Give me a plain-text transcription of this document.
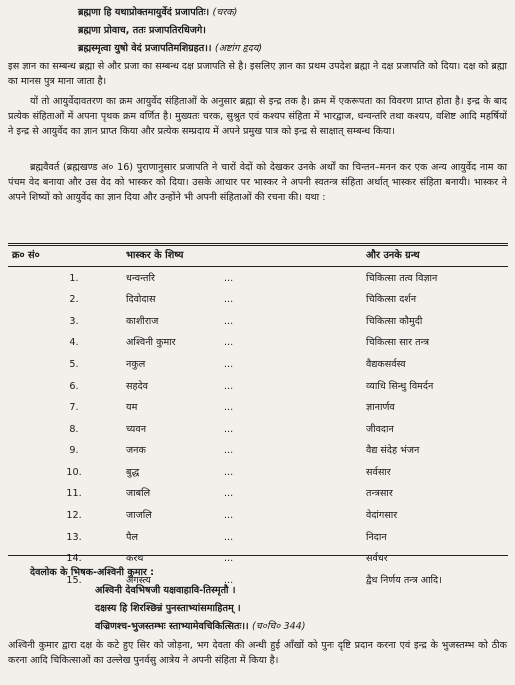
ब्रह्मणा हि यथाप्रोक्तमायुर्वेदं प्रजापतिः। (चरक)
ब्रह्मणा प्रोवाच, ततः प्रजापतिरधिजगे।
ब्रह्मस्मृत्वा युषो वेदं प्रजापतिमशिग्रहत।। (अष्टांग हृदय)
इस ज्ञान का सम्बन्ध ब्रह्मा से और प्रजा का सम्बन्ध दक्ष प्रजापति से है। इसलिए ज्ञान का प्रथम उपदेश ब्रह्मा ने दक्ष प्रजापति को दिया। दक्ष को ब्रह्मा का मानस पुत्र माना जाता है।
यों तो आयुर्वेदावतरण का क्रम आयुर्वेद संहिताओं के अनुसार ब्रह्मा से इन्द्र तक है। क्रम में एकरूपता का विवरण प्राप्त होता है। इन्द्र के बाद प्रत्येक संहिताओं में अपना पृथक क्रम वर्णित है। मुख्यतः चरक, सुश्रुत एवं कश्यप संहिता में भारद्वाज, धन्वन्तरि तथा कश्यप, वशिष्ट आदि महर्षियों ने इन्द्र से आयुर्वेद का ज्ञान प्राप्त किया और प्रत्येक सम्प्रदाय में अपने प्रमुख पात्र को इन्द्र से साक्षात् सम्बन्ध किया।
ब्रह्मवैवर्त (ब्रह्मखण्ड अ० 16) पुराणानुसार प्रजापति ने चारों वेदों को देखकर उनके अर्थों का चिन्तन–मनन कर एक अन्य आयुर्वेद नाम का पंचम वेद बनाया और उस वेद को भास्कर को दिया। उसके आधार पर भास्कर ने अपनी स्वतन्त्र संहिता अर्थात् भास्कर संहिता बनायी। भास्कर ने अपने शिष्यों को आयुर्वेद का ज्ञान दिया और उन्होंने भी अपनी संहिताओं की रचना की। यथा :
क्र० सं०	भास्कर के शिष्य		और उनके ग्रन्थ
1.	धन्वन्तरि	...	चिकित्सा तत्व विज्ञान
2.	दिवोदास	...	चिकित्सा दर्शन
3.	काशीराज	...	चिकित्सा कौमुदी
4.	अश्विनी कुमार	...	चिकित्सा सार तन्त्र
5.	नकुल	...	वैद्यकसर्वस्व
6.	सहदेव	...	व्याधि सिन्धु विमर्दन
7.	यम	...	ज्ञानार्णव
8.	च्यवन	...	जीवदान
9.	जनक	...	वैद्य संदेह भंजन
10.	बुद्ध	...	सर्वसार
11.	जाबलि	...	तन्त्रसार
12.	जाजलि	...	वेदांगसार
13.	पैल	...	निदान
14.	करथ	...	सर्वधर
15.	अगस्त्य	...	द्वैध निर्णय तन्त्र आदि।
देवलोक के भिषक-अश्विनी कुमार :
अश्विनी देवभिषजी यक्षवाहावि-तिस्मृतौ ।
दक्षस्य हि शिरश्छिन्नं पुनस्ताभ्यांसमाहितम् ।
वज्रिणश्च-भुजस्तम्भः स्ताभ्यामेवचिकित्सितः।। (च०चि० 344)
अश्विनी कुमार द्वारा दक्ष के कटे हुए सिर को जोड़ना, भग देवता की अन्धी हुई आँखों को पुनः दृष्टि प्रदान करना एवं इन्द्र के भुजस्तम्भ को ठीक करना आदि चिकित्साओं का उल्लेख पुनर्वसु आत्रेय ने अपनी संहिता में किया है।
